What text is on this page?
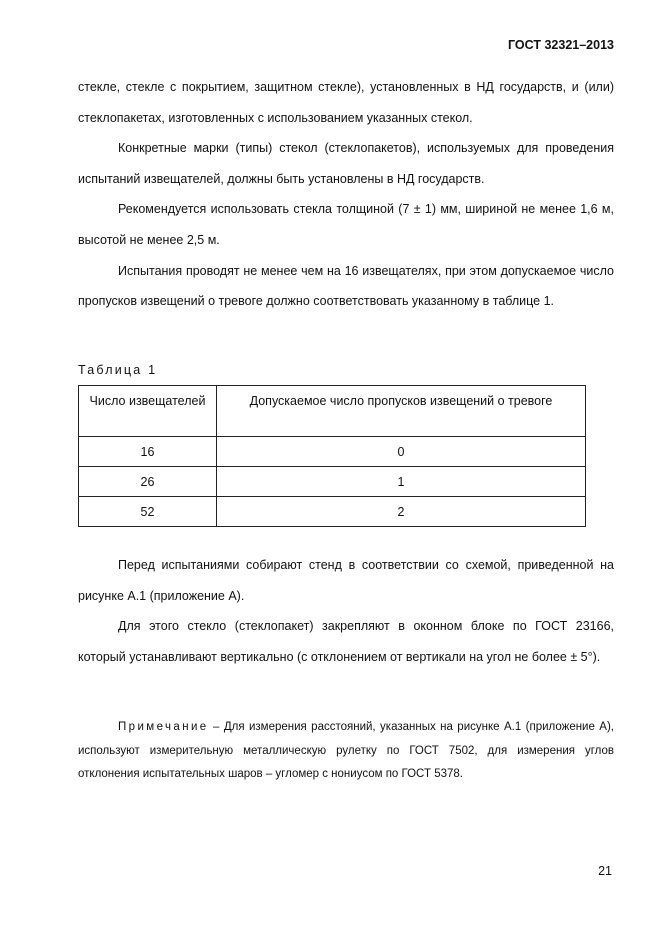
ГОСТ 32321–2013

стекле, стекле с покрытием, защитном стекле), установленных в НД государств, и (или) стеклопакетах, изготовленных с использованием указанных стекол.

Конкретные марки (типы) стекол (стеклопакетов), используемых для проведения испытаний извещателей, должны быть установлены в НД государств.

Рекомендуется использовать стекла толщиной (7 ± 1) мм, шириной не менее 1,6 м, высотой не менее 2,5 м.

Испытания проводят не менее чем на 16 извещателях, при этом допускаемое число пропусков извещений о тревоге должно соответствовать указанному в таблице 1.

Таблица 1
Число извещателей	Допускаемое число пропусков извещений о тревоге
16	0
26	1
52	2

Перед испытаниями собирают стенд в соответствии со схемой, приведенной на рисунке А.1 (приложение А).

Для этого стекло (стеклопакет) закрепляют в оконном блоке по ГОСТ 23166, который устанавливают вертикально (с отклонением от вертикали на угол не более ± 5°).

Примечание – Для измерения расстояний, указанных на рисунке А.1 (приложение А), используют измерительную металлическую рулетку по ГОСТ 7502, для измерения углов отклонения испытательных шаров – угломер с нониусом по ГОСТ 5378.

21
